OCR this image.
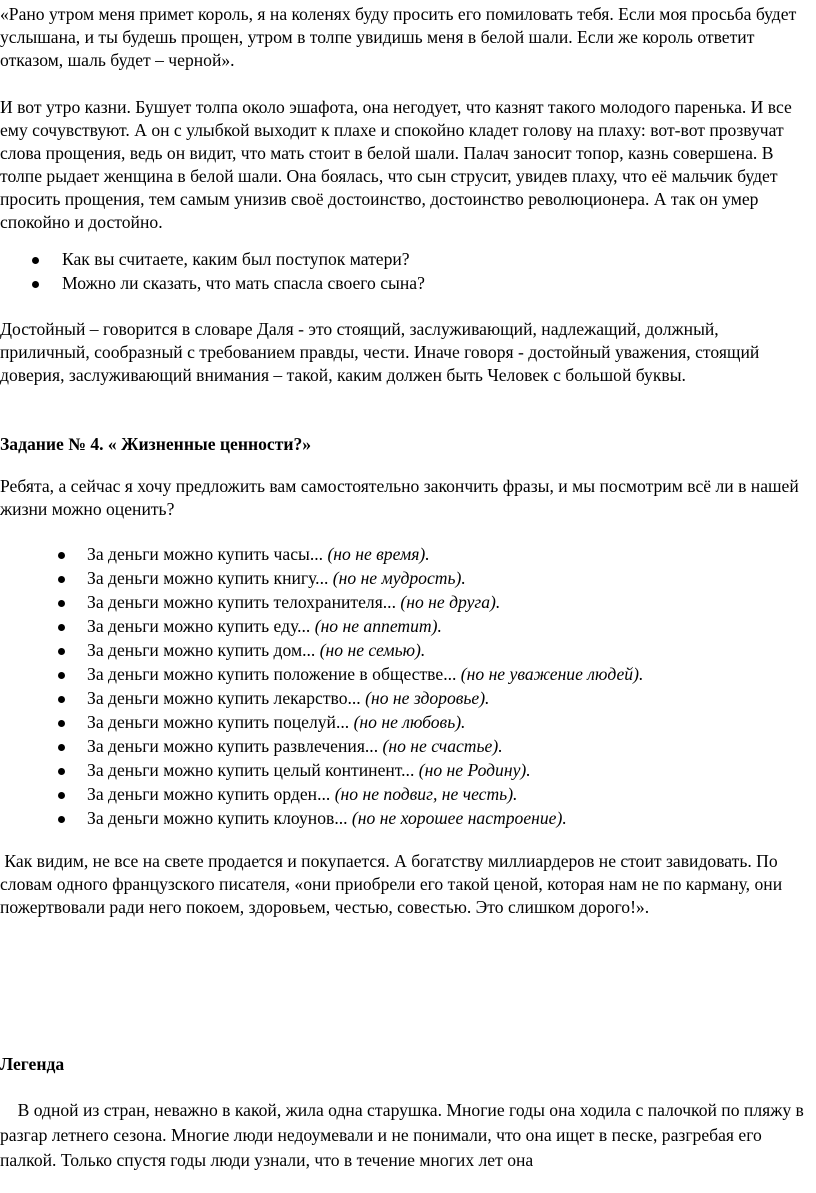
«Рано утром меня примет король, я на коленях буду просить его помиловать тебя. Если моя просьба будет услышана, и ты будешь прощен, утром в толпе увидишь меня в белой шали. Если же король ответит отказом, шаль будет – черной».

И вот утро казни. Бушует толпа около эшафота, она негодует, что казнят такого молодого паренька. И все ему сочувствуют. А он с улыбкой выходит к плахе и спокойно кладет голову на плаху: вот-вот прозвучат слова прощения, ведь он видит, что мать стоит в белой шали. Палач заносит топор, казнь совершена. В толпе рыдает женщина в белой шали. Она боялась, что сын струсит, увидев плаху, что её мальчик будет просить прощения, тем самым унизив своё достоинство, достоинство революционера. А так он умер спокойно и достойно.

Как вы считаете, каким был поступок матери?
Можно ли сказать, что мать спасла своего сына?

Достойный – говорится в словаре Даля - это стоящий, заслуживающий, надлежащий, должный, приличный, сообразный с требованием правды, чести. Иначе говоря - достойный уважения, стоящий доверия, заслуживающий внимания – такой, каким должен быть Человек с большой буквы.

Задание № 4. « Жизненные ценности?»

Ребята, а сейчас я хочу предложить вам самостоятельно закончить фразы, и мы посмотрим всё ли в нашей жизни можно оценить?

За деньги можно купить часы... (но не время).
За деньги можно купить книгу... (но не мудрость).
За деньги можно купить телохранителя... (но не друга).
За деньги можно купить еду... (но не аппетит).
За деньги можно купить дом... (но не семью).
За деньги можно купить положение в обществе... (но не уважение людей).
За деньги можно купить лекарство... (но не здоровье).
За деньги можно купить поцелуй... (но не любовь).
За деньги можно купить развлечения... (но не счастье).
За деньги можно купить целый континент... (но не Родину).
За деньги можно купить орден... (но не подвиг, не честь).
За деньги можно купить клоунов... (но не хорошее настроение).

Как видим, не все на свете продается и покупается. А богатству миллиардеров не стоит завидовать. По словам одного французского писателя, «они приобрели его такой ценой, которая нам не по карману, они пожертвовали ради него покоем, здоровьем, честью, совестью. Это слишком дорого!».

Легенда

В одной из стран, неважно в какой, жила одна старушка. Многие годы она ходила с палочкой по пляжу в разгар летнего сезона. Многие люди недоумевали и не понимали, что она ищет в песке, разгребая его палкой. Только спустя годы люди узнали, что в течение многих лет она
